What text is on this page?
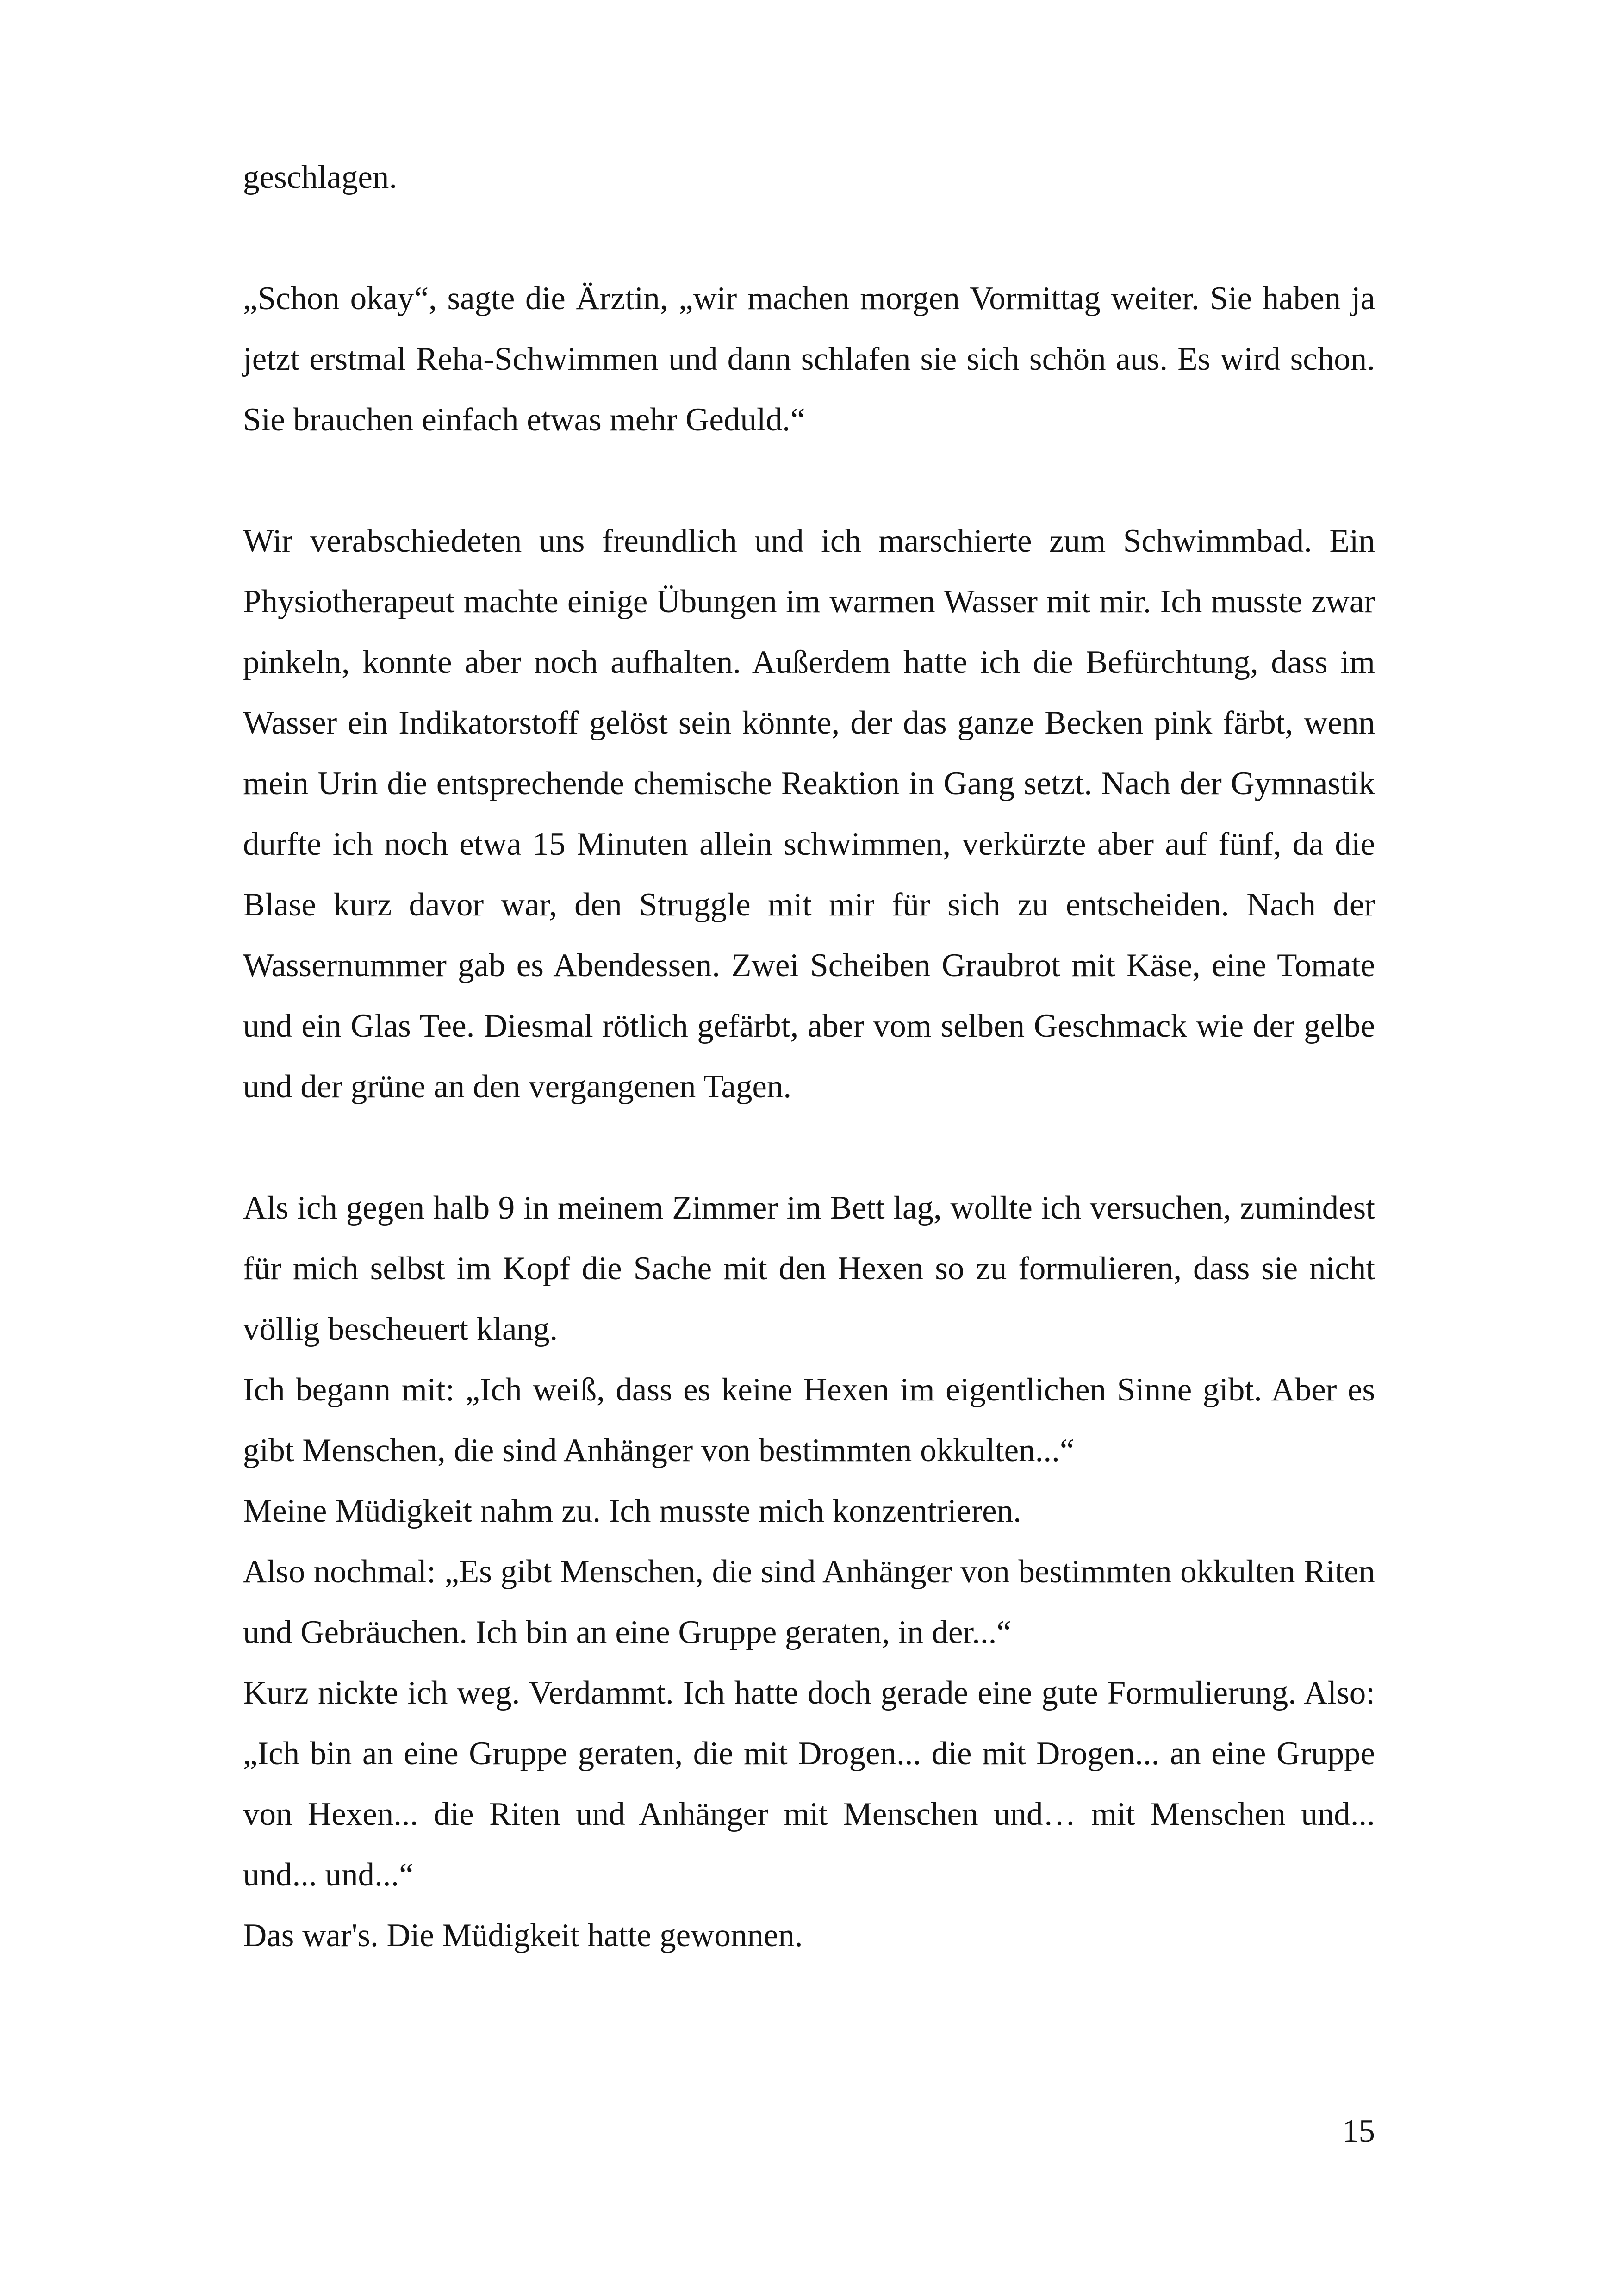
geschlagen.

„Schon okay“, sagte die Ärztin, „wir machen morgen Vormittag weiter. Sie haben ja jetzt erstmal Reha-Schwimmen und dann schlafen sie sich schön aus. Es wird schon. Sie brauchen einfach etwas mehr Geduld.“

Wir verabschiedeten uns freundlich und ich marschierte zum Schwimmbad. Ein Physiotherapeut machte einige Übungen im warmen Wasser mit mir. Ich musste zwar pinkeln, konnte aber noch aufhalten. Außerdem hatte ich die Befürchtung, dass im Wasser ein Indikatorstoff gelöst sein könnte, der das ganze Becken pink färbt, wenn mein Urin die entsprechende chemische Reaktion in Gang setzt. Nach der Gymnastik durfte ich noch etwa 15 Minuten allein schwimmen, verkürzte aber auf fünf, da die Blase kurz davor war, den Struggle mit mir für sich zu entscheiden. Nach der Wassernummer gab es Abendessen. Zwei Scheiben Graubrot mit Käse, eine Tomate und ein Glas Tee. Diesmal rötlich gefärbt, aber vom selben Geschmack wie der gelbe und der grüne an den vergangenen Tagen.

Als ich gegen halb 9 in meinem Zimmer im Bett lag, wollte ich versuchen, zumindest für mich selbst im Kopf die Sache mit den Hexen so zu formulieren, dass sie nicht völlig bescheuert klang.

Ich begann mit: „Ich weiß, dass es keine Hexen im eigentlichen Sinne gibt. Aber es gibt Menschen, die sind Anhänger von bestimmten okkulten...“

Meine Müdigkeit nahm zu. Ich musste mich konzentrieren.

Also nochmal: „Es gibt Menschen, die sind Anhänger von bestimmten okkulten Riten und Gebräuchen. Ich bin an eine Gruppe geraten, in der...“

Kurz nickte ich weg. Verdammt. Ich hatte doch gerade eine gute Formulierung. Also: „Ich bin an eine Gruppe geraten, die mit Drogen... die mit Drogen... an eine Gruppe von Hexen... die Riten und Anhänger mit Menschen und… mit Menschen und... und... und...“

Das war's. Die Müdigkeit hatte gewonnen.

15
